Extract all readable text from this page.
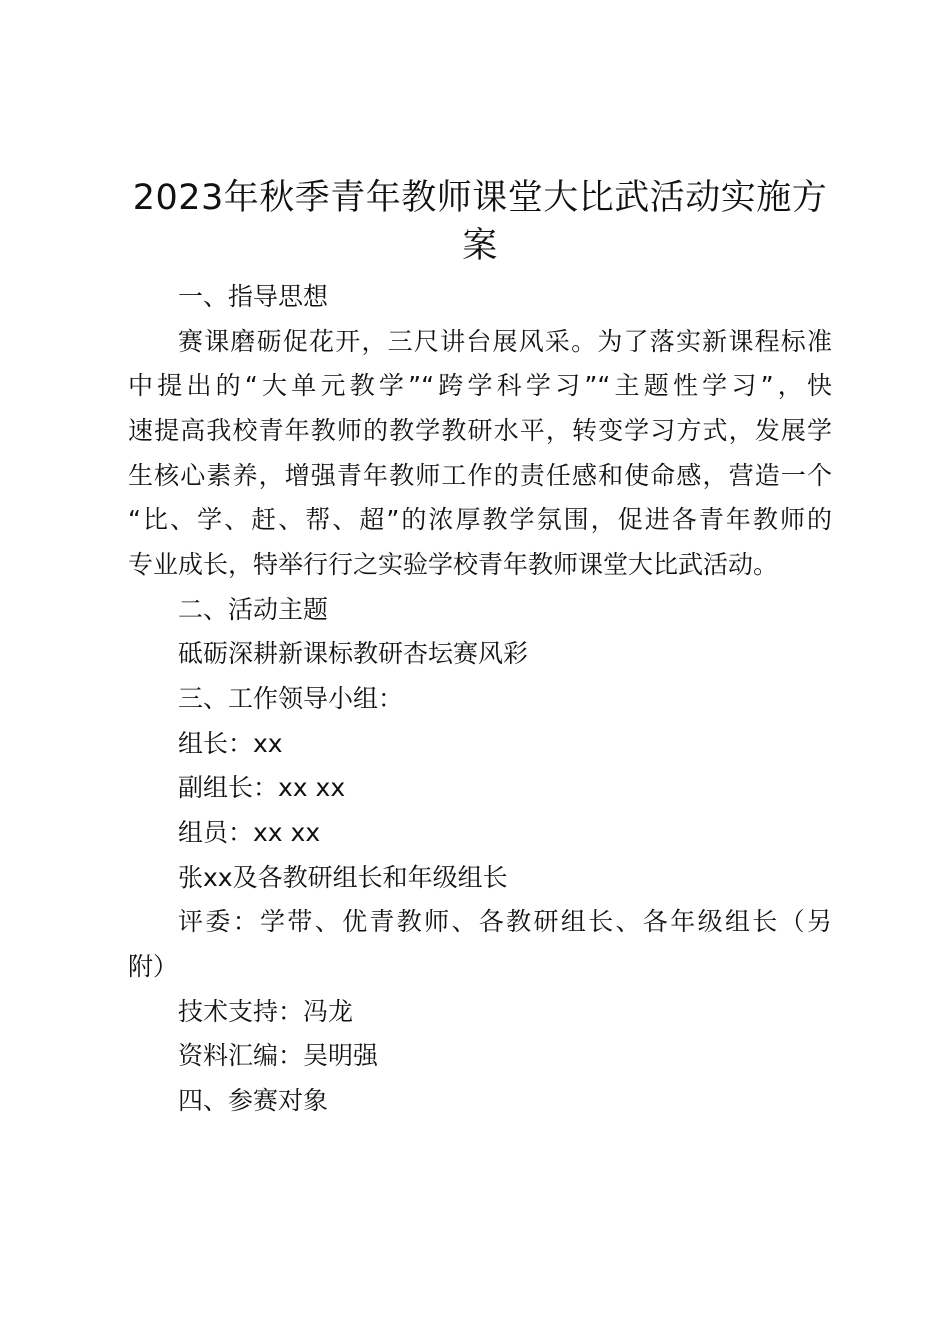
2023年秋季青年教师课堂大比武活动实施方
案
一、指导思想
赛课磨砺促花开，三尺讲台展风采。为了落实新课程标准
中提出的“大单元教学”“跨学科学习”“主题性学习”，快
速提高我校青年教师的教学教研水平，转变学习方式，发展学
生核心素养，增强青年教师工作的责任感和使命感，营造一个
“比、学、赶、帮、超”的浓厚教学氛围，促进各青年教师的
专业成长，特举行行之实验学校青年教师课堂大比武活动。
二、活动主题
砥砺深耕新课标教研杏坛赛风彩
三、工作领导小组：
组长：xx
副组长：xx xx
组员：xx xx
张xx及各教研组长和年级组长
评委：学带、优青教师、各教研组长、各年级组长（另
附）
技术支持：冯龙
资料汇编：吴明强
四、参赛对象
